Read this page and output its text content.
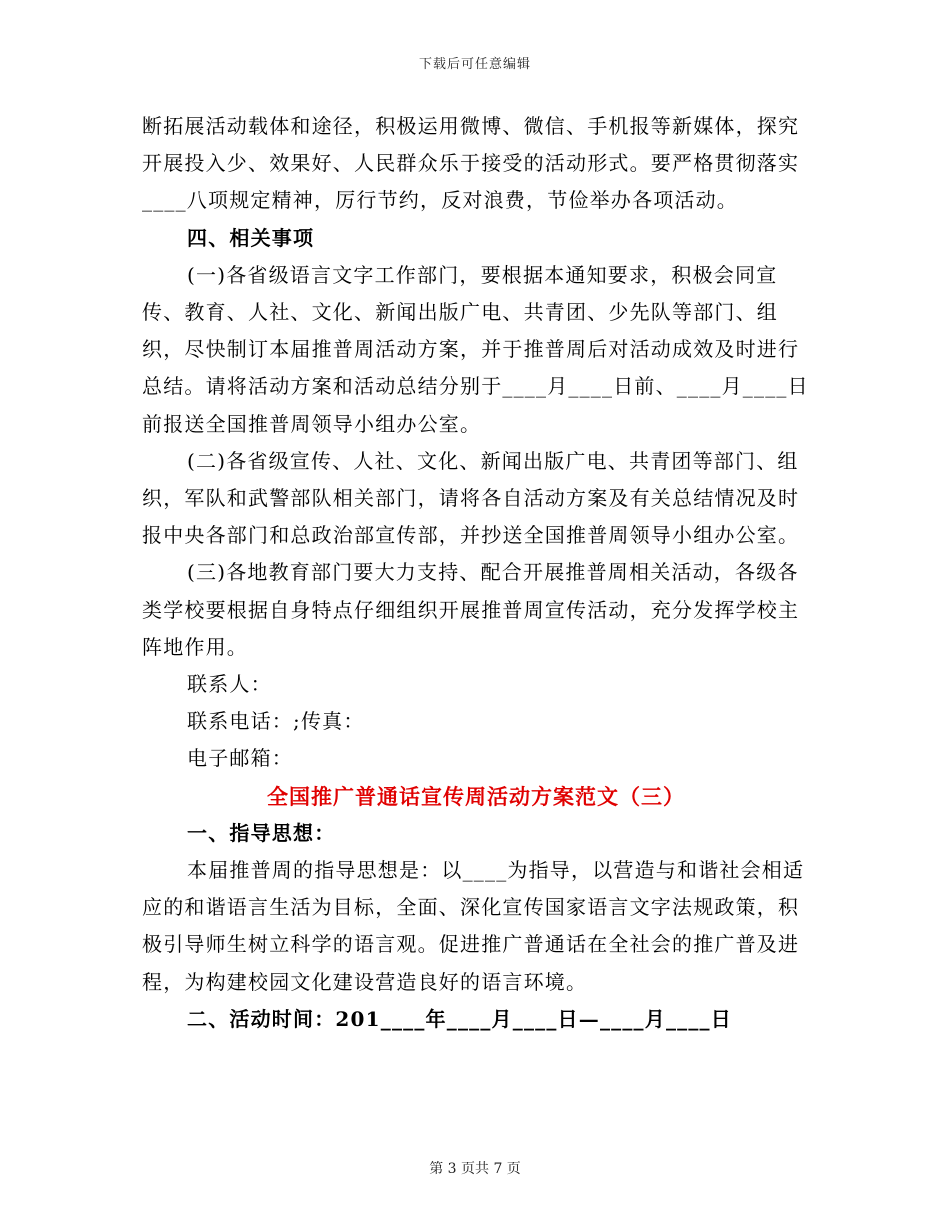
下载后可任意编辑

断拓展活动载体和途径，积极运用微博、微信、手机报等新媒体，探究开展投入少、效果好、人民群众乐于接受的活动形式。要严格贯彻落实____八项规定精神，厉行节约，反对浪费，节俭举办各项活动。

四、相关事项

(一)各省级语言文字工作部门，要根据本通知要求，积极会同宣传、教育、人社、文化、新闻出版广电、共青团、少先队等部门、组织，尽快制订本届推普周活动方案，并于推普周后对活动成效及时进行总结。请将活动方案和活动总结分别于____月____日前、____月____日前报送全国推普周领导小组办公室。

(二)各省级宣传、人社、文化、新闻出版广电、共青团等部门、组织，军队和武警部队相关部门，请将各自活动方案及有关总结情况及时报中央各部门和总政治部宣传部，并抄送全国推普周领导小组办公室。

(三)各地教育部门要大力支持、配合开展推普周相关活动，各级各类学校要根据自身特点仔细组织开展推普周宣传活动，充分发挥学校主阵地作用。

联系人：

联系电话：;传真：

电子邮箱：

全国推广普通话宣传周活动方案范文（三）

一、指导思想：

本届推普周的指导思想是：以____为指导，以营造与和谐社会相适应的和谐语言生活为目标，全面、深化宣传国家语言文字法规政策，积极引导师生树立科学的语言观。促进推广普通话在全社会的推广普及进程，为构建校园文化建设营造良好的语言环境。

二、活动时间：201____年____月____日—____月____日

第 3 页共 7 页
